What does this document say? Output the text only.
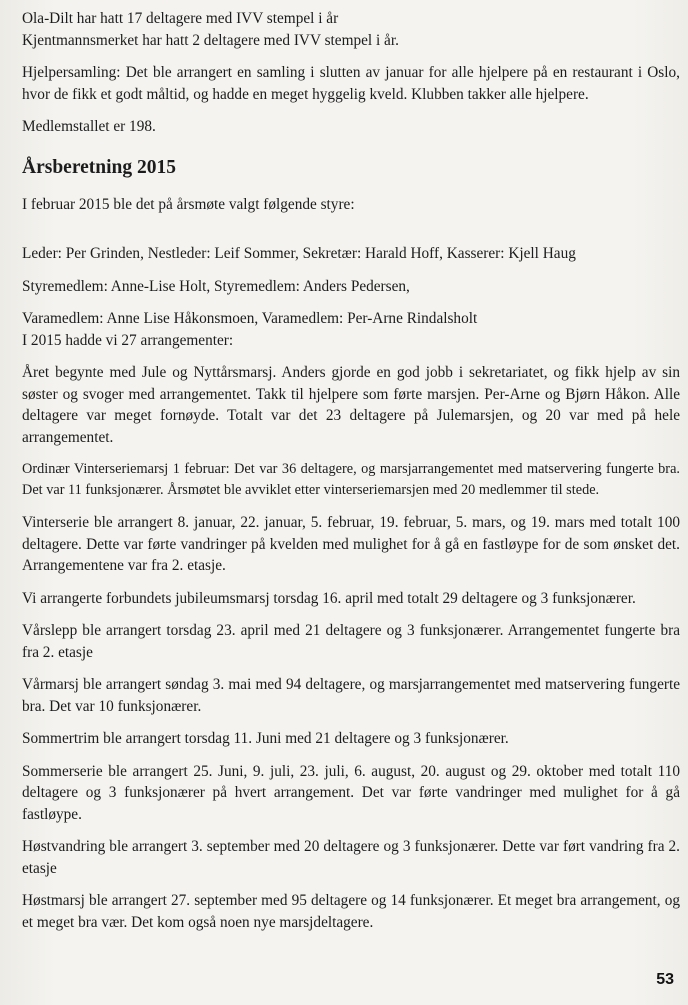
Ola-Dilt har hatt 17 deltagere med IVV stempel i år

Kjentmannsmerket har hatt 2 deltagere med IVV stempel i år.

Hjelpersamling: Det ble arrangert en samling i slutten av januar for alle hjelpere på en restaurant i Oslo, hvor de fikk et godt måltid, og hadde en meget hyggelig kveld. Klubben takker alle hjelpere.

Medlemstallet er 198.

Årsberetning 2015

I februar 2015 ble det på årsmøte valgt følgende styre:

Leder: Per Grinden, Nestleder: Leif Sommer, Sekretær: Harald Hoff, Kasserer: Kjell Haug

Styremedlem: Anne-Lise Holt, Styremedlem: Anders Pedersen,

Varamedlem: Anne Lise Håkonsmoen, Varamedlem: Per-Arne Rindalsholt

I 2015 hadde vi 27 arrangementer:

Året begynte med Jule og Nyttårsmarsj. Anders gjorde en god jobb i sekretariatet, og fikk hjelp av sin søster og svoger med arrangementet. Takk til hjelpere som førte marsjen. Per-Arne og Bjørn Håkon. Alle deltagere var meget fornøyde. Totalt var det 23 deltagere på Julemarsjen, og 20 var med på hele arrangementet.

Ordinær Vinterseriemarsj 1 februar: Det var 36 deltagere, og marsjarrangementet med matservering fungerte bra. Det var 11 funksjonærer. Årsmøtet ble avviklet etter vinterseriemarsjen med 20 medlemmer til stede.

Vinterserie ble arrangert 8. januar, 22. januar, 5. februar, 19. februar, 5. mars, og 19. mars med totalt 100 deltagere. Dette var førte vandringer på kvelden med mulighet for å gå en fastløype for de som ønsket det. Arrangementene var fra 2. etasje.

Vi arrangerte forbundets jubileumsmarsj torsdag 16. april med totalt 29 deltagere og 3 funksjonærer.

Vårslepp ble arrangert torsdag 23. april med 21 deltagere og 3 funksjonærer. Arrangementet fungerte bra fra 2. etasje

Vårmarsj ble arrangert søndag 3. mai med 94 deltagere, og marsjarrangementet med matservering fungerte bra. Det var 10 funksjonærer.

Sommertrim ble arrangert torsdag 11. Juni med 21 deltagere og 3 funksjonærer.

Sommerserie ble arrangert 25. Juni, 9. juli, 23. juli, 6. august, 20. august og 29. oktober med totalt 110 deltagere og 3 funksjonærer på hvert arrangement. Det var førte vandringer med mulighet for å gå fastløype.

Høstvandring ble arrangert 3. september med 20 deltagere og 3 funksjonærer. Dette var ført vandring fra 2. etasje

Høstmarsj ble arrangert 27. september med 95 deltagere og 14 funksjonærer. Et meget bra arrangement, og et meget bra vær. Det kom også noen nye marsjdeltagere.

53
